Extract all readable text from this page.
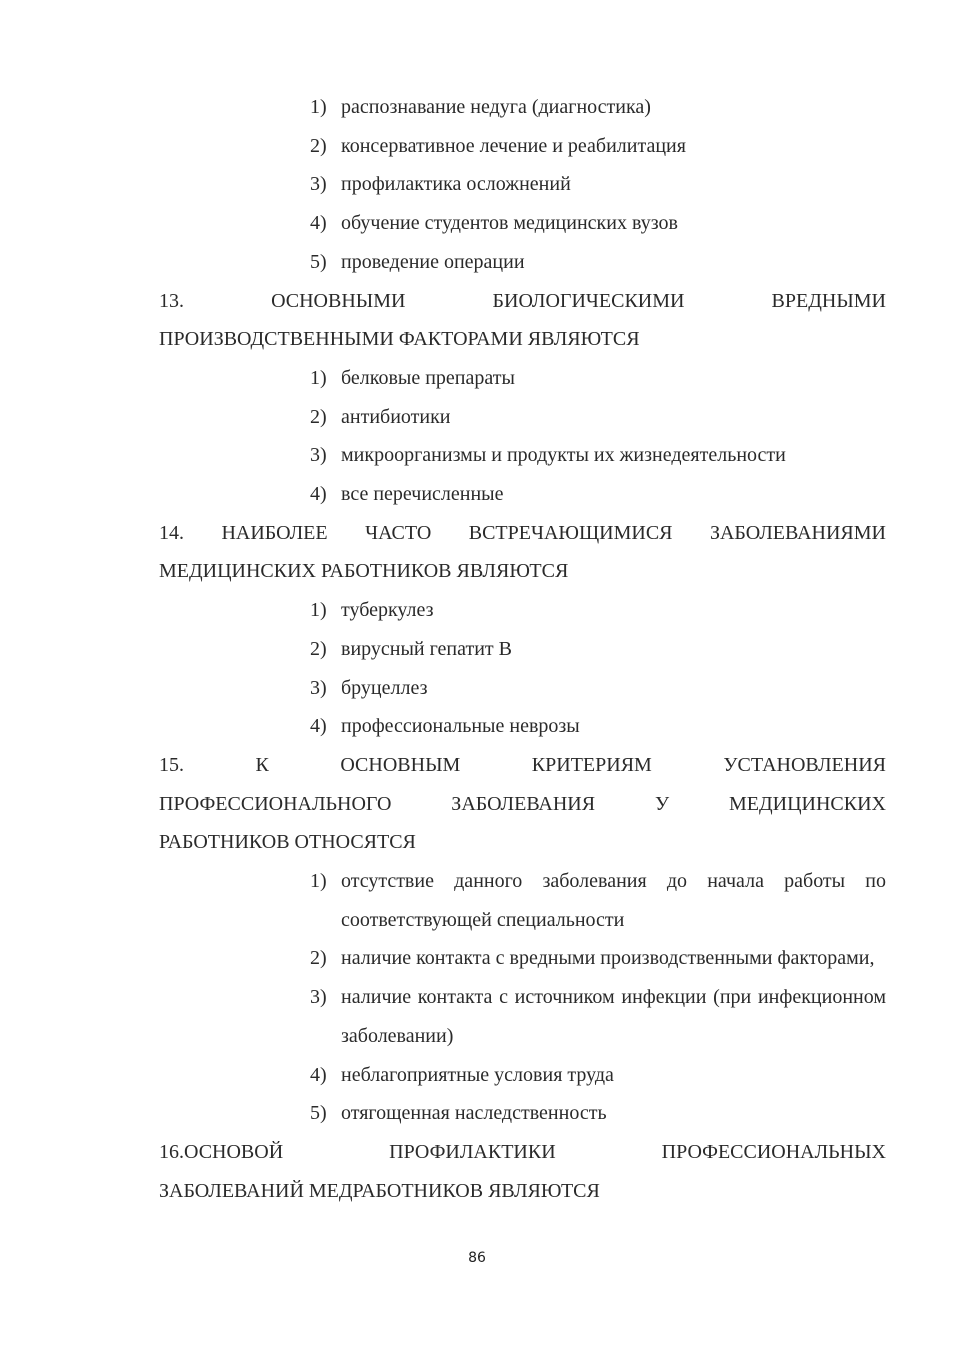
1) распознавание недуга (диагностика)
2) консервативное лечение и реабилитация
3) профилактика осложнений
4) обучение студентов медицинских вузов
5) проведение операции
13. ОСНОВНЫМИ БИОЛОГИЧЕСКИМИ ВРЕДНЫМИ
ПРОИЗВОДСТВЕННЫМИ ФАКТОРАМИ ЯВЛЯЮТСЯ
1) белковые препараты
2) антибиотики
3) микроорганизмы и продукты их жизнедеятельности
4) все перечисленные
14. НАИБОЛЕЕ ЧАСТО ВСТРЕЧАЮЩИМИСЯ ЗАБОЛЕВАНИЯМИ
МЕДИЦИНСКИХ РАБОТНИКОВ ЯВЛЯЮТСЯ
1) туберкулез
2) вирусный гепатит В
3) бруцеллез
4) профессиональные неврозы
15. К ОСНОВНЫМ КРИТЕРИЯМ УСТАНОВЛЕНИЯ
ПРОФЕССИОНАЛЬНОГО ЗАБОЛЕВАНИЯ У МЕДИЦИНСКИХ
РАБОТНИКОВ ОТНОСЯТСЯ
1) отсутствие данного заболевания до начала работы по соответствующей специальности
2) наличие контакта с вредными производственными факторами,
3) наличие контакта с источником инфекции (при инфекционном заболевании)
4) неблагоприятные условия труда
5) отягощенная наследственность
16.ОСНОВОЙ ПРОФИЛАКТИКИ ПРОФЕССИОНАЛЬНЫХ
ЗАБОЛЕВАНИЙ МЕДРАБОТНИКОВ ЯВЛЯЮТСЯ
86
